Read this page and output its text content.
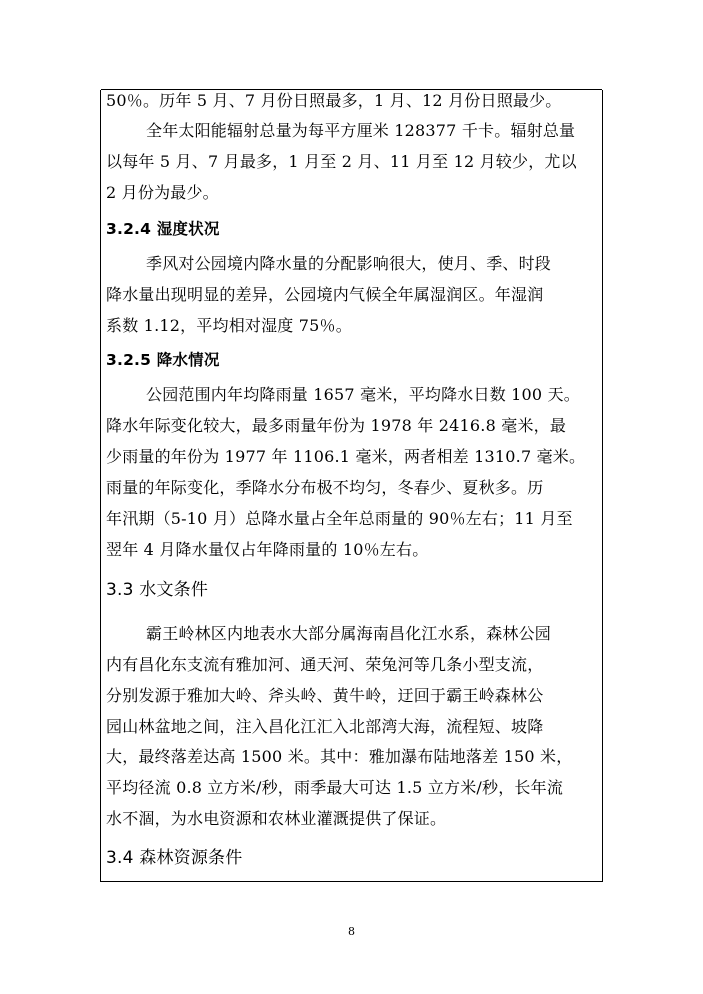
50％。历年 5 月、7 月份日照最多，1 月、12 月份日照最少。
全年太阳能辐射总量为每平方厘米 128377 千卡。辐射总量
以每年 5 月、7 月最多，1 月至 2 月、11 月至 12 月较少，尤以
2 月份为最少。
3.2.4 湿度状况
季风对公园境内降水量的分配影响很大，使月、季、时段
降水量出现明显的差异，公园境内气候全年属湿润区。年湿润
系数 1.12，平均相对湿度 75％。
3.2.5 降水情况
公园范围内年均降雨量 1657 毫米，平均降水日数 100 天。
降水年际变化较大，最多雨量年份为 1978 年 2416.8 毫米，最
少雨量的年份为 1977 年 1106.1 毫米，两者相差 1310.7 毫米。
雨量的年际变化，季降水分布极不均匀，冬春少、夏秋多。历
年汛期（5-10 月）总降水量占全年总雨量的 90％左右；11 月至
翌年 4 月降水量仅占年降雨量的 10％左右。
3.3 水文条件
霸王岭林区内地表水大部分属海南昌化江水系，森林公园
内有昌化东支流有雅加河、通天河、荣兔河等几条小型支流，
分别发源于雅加大岭、斧头岭、黄牛岭，迂回于霸王岭森林公
园山林盆地之间，注入昌化江汇入北部湾大海，流程短、坡降
大，最终落差达高 1500 米。其中：雅加瀑布陆地落差 150 米，
平均径流 0.8 立方米/秒，雨季最大可达 1.5 立方米/秒，长年流
水不涸，为水电资源和农林业灌溉提供了保证。
3.4 森林资源条件
8
